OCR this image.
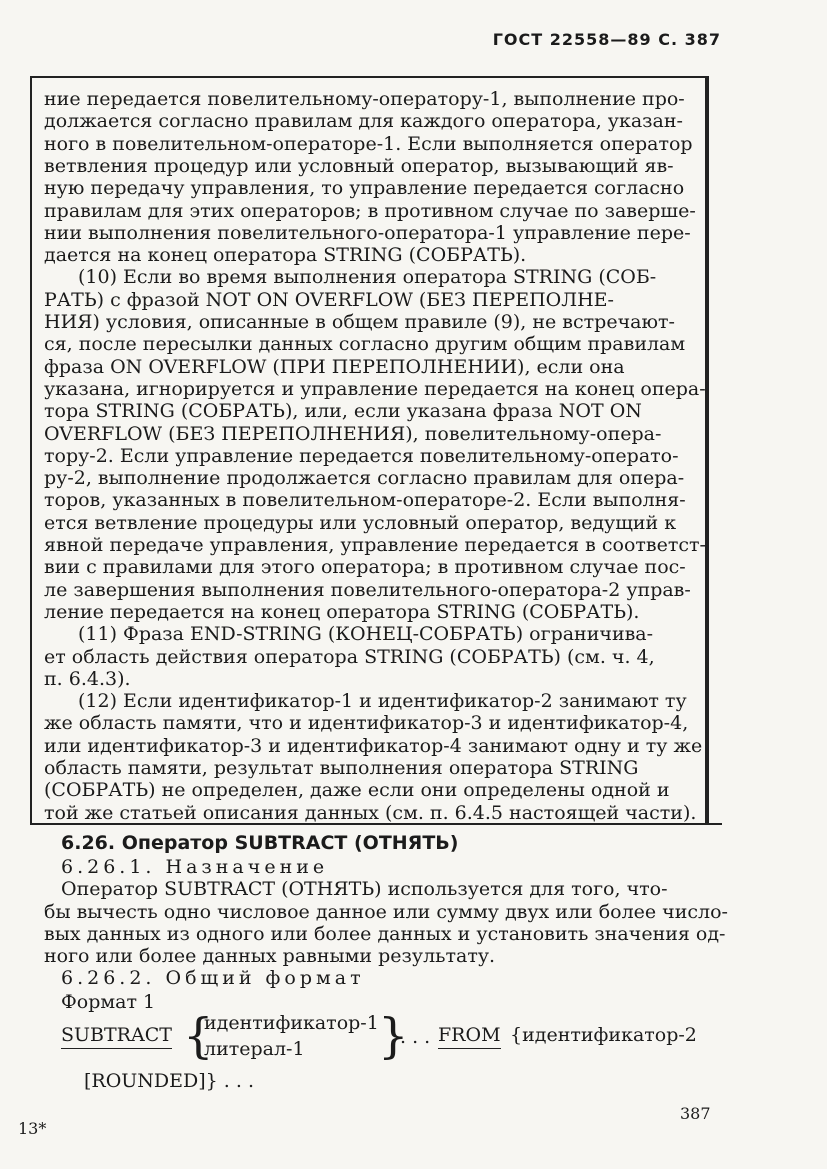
ГОСТ 22558—89 С. 387
ние передается повелительному-оператору-1, выполнение про-
должается согласно правилам для каждого оператора, указан-
ного в повелительном-операторе-1. Если выполняется оператор
ветвления процедур или условный оператор, вызывающий яв-
ную передачу управления, то управление передается согласно
правилам для этих операторов; в противном случае по заверше-
нии выполнения повелительного-оператора-1 управление пере-
дается на конец оператора STRING (СОБРАТЬ).
(10) Если во время выполнения оператора STRING (СОБ-
РАТЬ) с фразой NOT ON OVERFLOW (БЕЗ ПЕРЕПОЛНЕ-
НИЯ) условия, описанные в общем правиле (9), не встречают-
ся, после пересылки данных согласно другим общим правилам
фраза ON OVERFLOW (ПРИ ПЕРЕПОЛНЕНИИ), если она
указана, игнорируется и управление передается на конец опера-
тора STRING (СОБРАТЬ), или, если указана фраза NOT ON
OVERFLOW (БЕЗ ПЕРЕПОЛНЕНИЯ), повелительному-опера-
тору-2. Если управление передается повелительному-операто-
ру-2, выполнение продолжается согласно правилам для опера-
торов, указанных в повелительном-операторе-2. Если выполня-
ется ветвление процедуры или условный оператор, ведущий к
явной передаче управления, управление передается в соответст-
вии с правилами для этого оператора; в противном случае пос-
ле завершения выполнения повелительного-оператора-2 управ-
ление передается на конец оператора STRING (СОБРАТЬ).
(11) Фраза END-STRING (КОНЕЦ-СОБРАТЬ) ограничива-
ет область действия оператора STRING (СОБРАТЬ) (см. ч. 4,
п. 6.4.3).
(12) Если идентификатор-1 и идентификатор-2 занимают ту
же область памяти, что и идентификатор-3 и идентификатор-4,
или идентификатор-3 и идентификатор-4 занимают одну и ту же
область памяти, результат выполнения оператора STRING
(СОБРАТЬ) не определен, даже если они определены одной и
той же статьей описания данных (см. п. 6.4.5 настоящей части).
6.26. Оператор SUBTRACT (ОТНЯТЬ)
6.26.1. Назначение
Оператор SUBTRACT (ОТНЯТЬ) используется для того, что-
бы вычесть одно числовое данное или сумму двух или более число-
вых данных из одного или более данных и установить значения од-
ного или более данных равными результату.
6.26.2. Общий формат
Формат 1
SUBTRACT {
идентификатор-1
литерал-1 }
. . . FROM {идентификатор-2
[ROUNDED]} . . .
13*
387
